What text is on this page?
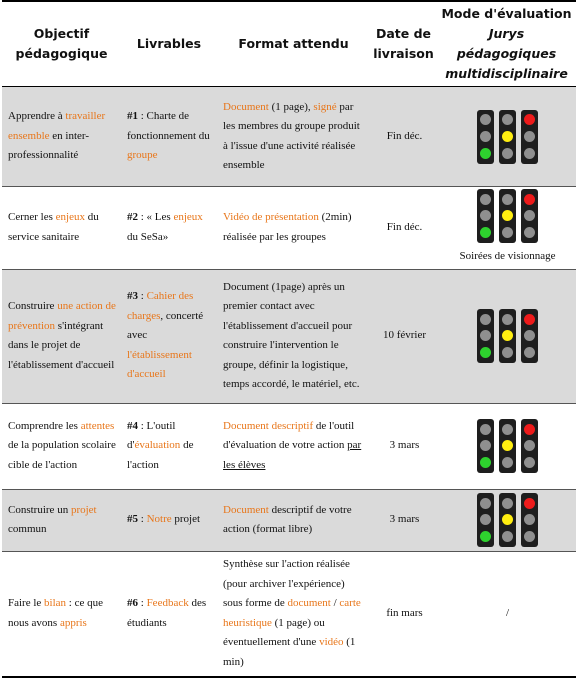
Objectif pédagogique	Livrables	Format attendu	Date de livraison	Mode d'évaluation
Jurys pédagogiques multidisciplinaire

Apprendre à travailler ensemble en inter-professionnalité	#1 : Charte de fonctionnement du groupe	Document (1 page), signé par les membres du groupe produit à l'issue d'une activité réalisée ensemble	Fin déc.	

Cerner les enjeux du service sanitaire	#2 : « Les enjeux du SeSa»	Vidéo de présentation (2min) réalisée par les groupes	Fin déc.	Soirées de visionnage

Construire une action de prévention s'intégrant dans le projet de l'établissement d'accueil	#3 : Cahier des charges, concerté avec l'établissement d'accueil	Document (1page) après un premier contact avec l'établissement d'accueil pour construire l'intervention le groupe, définir la logistique, temps accordé, le matériel, etc.	10 février	

Comprendre les attentes de la population scolaire cible de l'action	#4 : L'outil d'évaluation de l'action	Document descriptif de l'outil d'évaluation de votre action par les élèves	3 mars	

Construire un projet commun	#5 : Notre projet	Document descriptif de votre action (format libre)	3 mars	

Faire le bilan : ce que nous avons appris	#6 : Feedback des étudiants	Synthèse sur l'action réalisée (pour archiver l'expérience) sous forme de document / carte heuristique (1 page) ou éventuellement d'une vidéo (1 min)	fin mars	/
